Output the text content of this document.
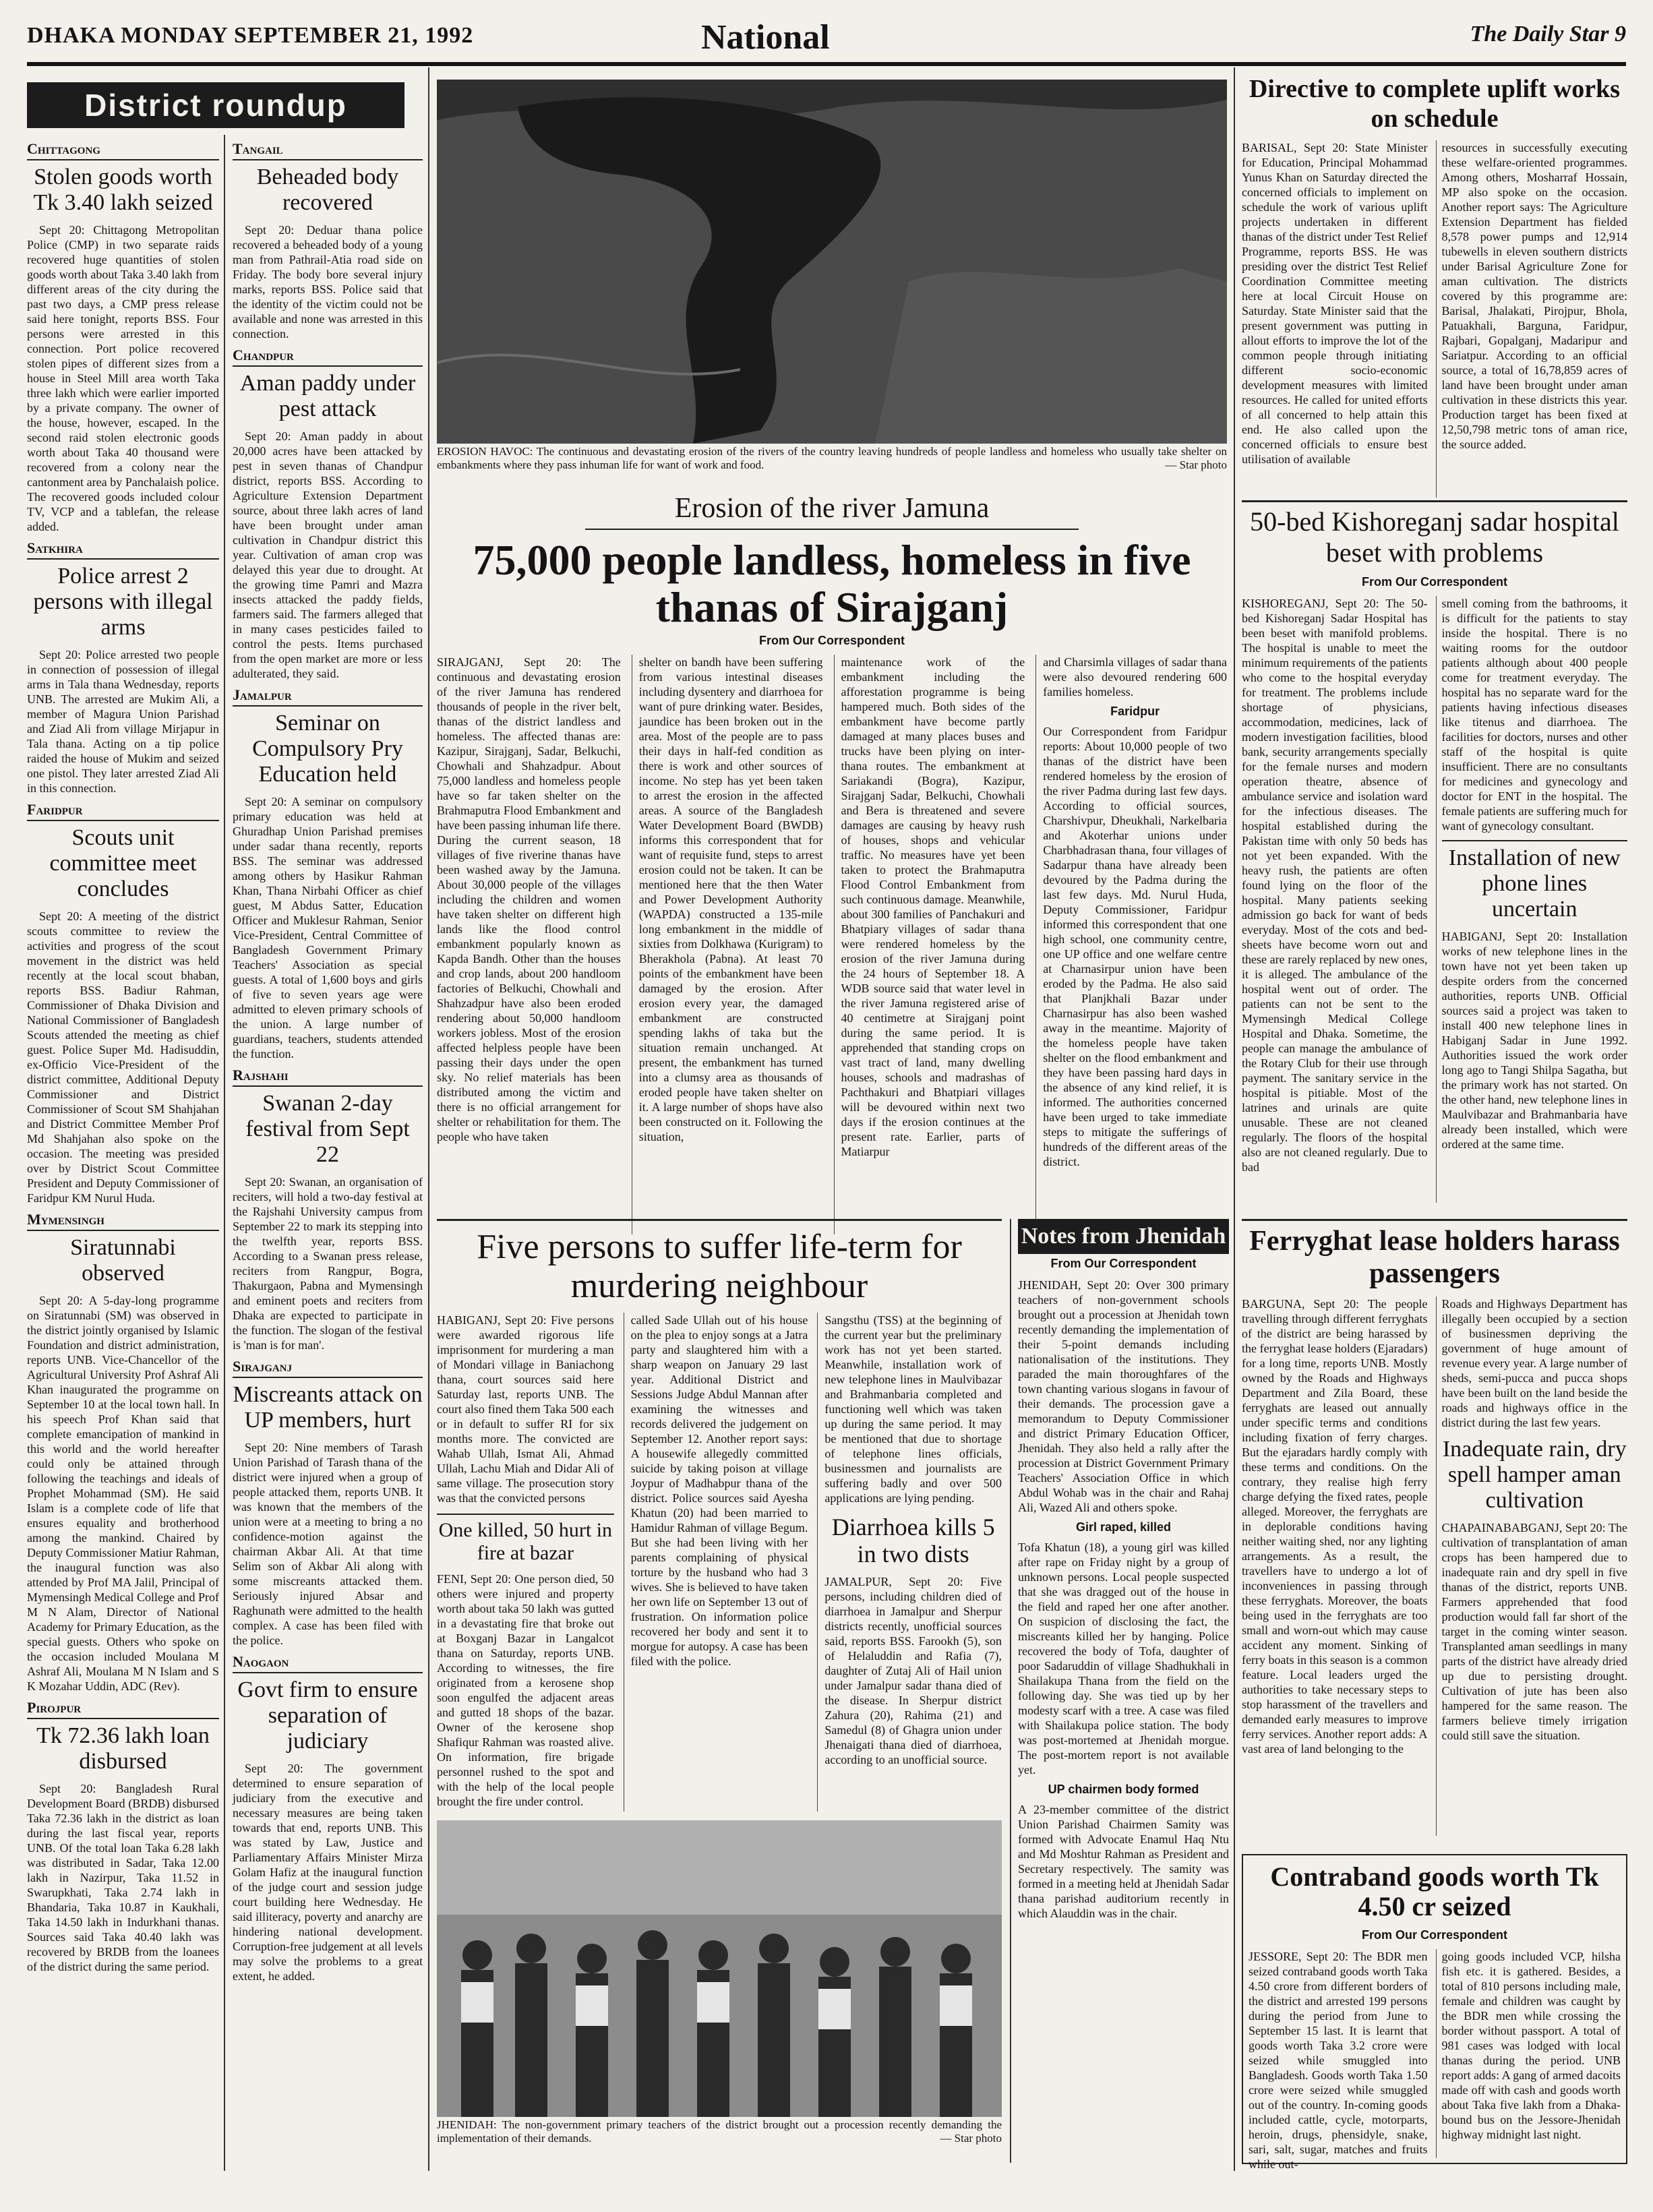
DHAKA MONDAY SEPTEMBER 21, 1992	National	The Daily Star 9
District roundup
Chittagong
Stolen goods worth Tk 3.40 lakh seized

Sept 20: Chittagong Metropolitan Police (CMP) in two separate raids recovered huge quantities of stolen goods worth about Taka 3.40 lakh from different areas of the city during the past two days, a CMP press release said here tonight, reports BSS. Four persons were arrested in this connection. Port police recovered stolen pipes of different sizes from a house in Steel Mill area worth Taka three lakh which were earlier imported by a private company. The owner of the house, however, escaped. In the second raid stolen electronic goods worth about Taka 40 thousand were recovered from a colony near the cantonment area by Panchalaish police. The recovered goods included colour TV, VCP and a tablefan, the release added.

Satkhira
Police arrest 2 persons with illegal arms

Sept 20: Police arrested two people in connection of possession of illegal arms in Tala thana Wednesday, reports UNB. The arrested are Mukim Ali, a member of Magura Union Parishad and Ziad Ali from village Mirjapur in Tala thana. Acting on a tip police raided the house of Mukim and seized one pistol. They later arrested Ziad Ali in this connection.

Faridpur
Scouts unit committee meet concludes

Sept 20: A meeting of the district scouts committee to review the activities and progress of the scout movement in the district was held recently at the local scout bhaban, reports BSS. Badiur Rahman, Commissioner of Dhaka Division and National Commissioner of Bangladesh Scouts attended the meeting as chief guest. Police Super Md. Hadisuddin, ex-Officio Vice-President of the district committee, Additional Deputy Commissioner and District Commissioner of Scout SM Shahjahan and District Committee Member Prof Md Shahjahan also spoke on the occasion. The meeting was presided over by District Scout Committee President and Deputy Commissioner of Faridpur KM Nurul Huda.

Mymensingh
Siratunnabi observed

Sept 20: A 5-day-long programme on Siratunnabi (SM) was observed in the district jointly organised by Islamic Foundation and district administration, reports UNB. Vice-Chancellor of the Agricultural University Prof Ashraf Ali Khan inaugurated the programme on September 10 at the local town hall. In his speech Prof Khan said that complete emancipation of mankind in this world and the world hereafter could only be attained through following the teachings and ideals of Prophet Mohammad (SM). He said Islam is a complete code of life that ensures equality and brotherhood among the mankind. Chaired by Deputy Commissioner Matiur Rahman, the inaugural function was also attended by Prof MA Jalil, Principal of Mymensingh Medical College and Prof M N Alam, Director of National Academy for Primary Education, as the special guests. Others who spoke on the occasion included Moulana M Ashraf Ali, Moulana M N Islam and S K Mozahar Uddin, ADC (Rev).

Pirojpur
Tk 72.36 lakh loan disbursed

Sept 20: Bangladesh Rural Development Board (BRDB) disbursed Taka 72.36 lakh in the district as loan during the last fiscal year, reports UNB. Of the total loan Taka 6.28 lakh was distributed in Sadar, Taka 12.00 lakh in Nazirpur, Taka 11.52 in Swarupkhati, Taka 2.74 lakh in Bhandaria, Taka 10.87 in Kaukhali, Taka 14.50 lakh in Indurkhani thanas. Sources said Taka 40.40 lakh was recovered by BRDB from the loanees of the district during the same period.

Tangail
Beheaded body recovered

Sept 20: Deduar thana police recovered a beheaded body of a young man from Pathrail-Atia road side on Friday. The body bore several injury marks, reports BSS. Police said that the identity of the victim could not be available and none was arrested in this connection.

Chandpur
Aman paddy under pest attack

Sept 20: Aman paddy in about 20,000 acres have been attacked by pest in seven thanas of Chandpur district, reports BSS. According to Agriculture Extension Department source, about three lakh acres of land have been brought under aman cultivation in Chandpur district this year. Cultivation of aman crop was delayed this year due to drought. At the growing time Pamri and Mazra insects attacked the paddy fields, farmers said. The farmers alleged that in many cases pesticides failed to control the pests. Items purchased from the open market are more or less adulterated, they said.

Jamalpur
Seminar on Compulsory Pry Education held

Sept 20: A seminar on compulsory primary education was held at Ghuradhap Union Parishad premises under sadar thana recently, reports BSS. The seminar was addressed among others by Hasikur Rahman Khan, Thana Nirbahi Officer as chief guest, M Abdus Satter, Education Officer and Muklesur Rahman, Senior Vice-President, Central Committee of Bangladesh Government Primary Teachers' Association as special guests. A total of 1,600 boys and girls of five to seven years age were admitted to eleven primary schools of the union. A large number of guardians, teachers, students attended the function.

Rajshahi
Swanan 2-day festival from Sept 22

Sept 20: Swanan, an organisation of reciters, will hold a two-day festival at the Rajshahi University campus from September 22 to mark its stepping into the twelfth year, reports BSS. According to a Swanan press release, reciters from Rangpur, Bogra, Thakurgaon, Pabna and Mymensingh and eminent poets and reciters from Dhaka are expected to participate in the function. The slogan of the festival is 'man is for man'.

Sirajganj
Miscreants attack on UP members, hurt

Sept 20: Nine members of Tarash Union Parishad of Tarash thana of the district were injured when a group of people attacked them, reports UNB. It was known that the members of the union were at a meeting to bring a no confidence-motion against the chairman Akbar Ali. At that time Selim son of Akbar Ali along with some miscreants attacked them. Seriously injured Absar and Raghunath were admitted to the health complex. A case has been filed with the police.

Naogaon
Govt firm to ensure separation of judiciary

Sept 20: The government determined to ensure separation of judiciary from the executive and necessary measures are being taken towards that end, reports UNB. This was stated by Law, Justice and Parliamentary Affairs Minister Mirza Golam Hafiz at the inaugural function of the judge court and session judge court building here Wednesday. He said illiteracy, poverty and anarchy are hindering national development. Corruption-free judgement at all levels may solve the problems to a great extent, he added.

EROSION HAVOC: The continuous and devastating erosion of the rivers of the country leaving hundreds of people landless and homeless who usually take shelter on embankments where they pass inhuman life for want of work and food.	— Star photo
Erosion of the river Jamuna
75,000 people landless, homeless in five thanas of Sirajganj
From Our Correspondent
SIRAJGANJ, Sept 20: The continuous and devastating erosion of the river Jamuna has rendered thousands of people in the river belt, thanas of the district landless and homeless. The affected thanas are: Kazipur, Sirajganj, Sadar, Belkuchi, Chowhali and Shahzadpur. About 75,000 landless and homeless people have so far taken shelter on the Brahmaputra Flood Embankment and have been passing inhuman life there. During the current season, 18 villages of five riverine thanas have been washed away by the Jamuna. About 30,000 people of the villages including the children and women have taken shelter on different high lands like the flood control embankment popularly known as Kapda Bandh. Other than the houses and crop lands, about 200 handloom factories of Belkuchi, Chowhali and Shahzadpur have also been eroded rendering about 50,000 handloom workers jobless. Most of the erosion affected helpless people have been passing their days under the open sky. No relief materials has been distributed among the victim and there is no official arrangement for shelter or rehabilitation for them. The people who have taken
shelter on bandh have been suffering from various intestinal diseases including dysentery and diarrhoea for want of pure drinking water. Besides, jaundice has been broken out in the area. Most of the people are to pass their days in half-fed condition as there is work and other sources of income. No step has yet been taken to arrest the erosion in the affected areas. A source of the Bangladesh Water Development Board (BWDB) informs this correspondent that for want of requisite fund, steps to arrest erosion could not be taken. It can be mentioned here that the then Water and Power Development Authority (WAPDA) constructed a 135-mile long embankment in the middle of sixties from Dolkhawa (Kurigram) to Bherakhola (Pabna). At least 70 points of the embankment have been damaged by the erosion. After erosion every year, the damaged embankment are constructed spending lakhs of taka but the situation remain unchanged. At present, the embankment has turned into a clumsy area as thousands of eroded people have taken shelter on it. A large number of shops have also been constructed on it. Following the situation,
maintenance work of the embankment including the afforestation programme is being hampered much. Both sides of the embankment have become partly damaged at many places buses and trucks have been plying on inter-thana routes. The embankment at Sariakandi (Bogra), Kazipur, Sirajganj Sadar, Belkuchi, Chowhali and Bera is threatened and severe damages are causing by heavy rush of houses, shops and vehicular traffic. No measures have yet been taken to protect the Brahmaputra Flood Control Embankment from such continuous damage. Meanwhile, about 300 families of Panchakuri and Bhatpiary villages of sadar thana were rendered homeless by the erosion of the river Jamuna during the 24 hours of September 18. A WDB source said that water level in the river Jamuna registered arise of 40 centimetre at Sirajganj point during the same period. It is apprehended that standing crops on vast tract of land, many dwelling houses, schools and madrashas of Pachthakuri and Bhatpiari villages will be devoured within next two days if the erosion continues at the present rate. Earlier, parts of Matiarpur
and Charsimla villages of sadar thana were also devoured rendering 600 families homeless.
Faridpur
Our Correspondent from Faridpur reports: About 10,000 people of two thanas of the district have been rendered homeless by the erosion of the river Padma during last few days. According to official sources, Charshivpur, Dheukhali, Narkelbaria and Akoterhar unions under Charbhadrasan thana, four villages of Sadarpur thana have already been devoured by the Padma during the last few days. Md. Nurul Huda, Deputy Commissioner, Faridpur informed this correspondent that one high school, one community centre, one UP office and one welfare centre at Charnasirpur union have been eroded by the Padma. He also said that Planjkhali Bazar under Charnasirpur has also been washed away in the meantime. Majority of the homeless people have taken shelter on the flood embankment and they have been passing hard days in the absence of any kind relief, it is informed. The authorities concerned have been urged to take immediate steps to mitigate the sufferings of hundreds of the different areas of the district.
Five persons to suffer life-term for murdering neighbour
HABIGANJ, Sept 20: Five persons were awarded rigorous life imprisonment for murdering a man of Mondari village in Baniachong thana, court sources said here Saturday last, reports UNB. The court also fined them Taka 500 each or in default to suffer RI for six months more. The convicted are Wahab Ullah, Ismat Ali, Ahmad Ullah, Lachu Miah and Didar Ali of same village. The prosecution story was that the convicted persons
One killed, 50 hurt in fire at bazar
FENI, Sept 20: One person died, 50 others were injured and property worth about taka 50 lakh was gutted in a devastating fire that broke out at Boxganj Bazar in Langalcot thana on Saturday, reports UNB. According to witnesses, the fire originated from a kerosene shop soon engulfed the adjacent areas and gutted 18 shops of the bazar. Owner of the kerosene shop Shafiqur Rahman was roasted alive. On information, fire brigade personnel rushed to the spot and with the help of the local people brought the fire under control.
called Sade Ullah out of his house on the plea to enjoy songs at a Jatra party and slaughtered him with a sharp weapon on January 29 last year. Additional District and Sessions Judge Abdul Mannan after examining the witnesses and records delivered the judgement on September 12. Another report says: A housewife allegedly committed suicide by taking poison at village Joypur of Madhabpur thana of the district. Police sources said Ayesha Khatun (20) had been married to Hamidur Rahman of village Begum. But she had been living with her parents complaining of physical torture by the husband who had 3 wives. She is believed to have taken her own life on September 13 out of frustration. On information police recovered her body and sent it to morgue for autopsy. A case has been filed with the police.
Sangsthu (TSS) at the beginning of the current year but the preliminary work has not yet been started. Meanwhile, installation work of new telephone lines in Maulvibazar and Brahmanbaria completed and functioning well which was taken up during the same period. It may be mentioned that due to shortage of telephone lines officials, businessmen and journalists are suffering badly and over 500 applications are lying pending.
Diarrhoea kills 5 in two dists
JAMALPUR, Sept 20: Five persons, including children died of diarrhoea in Jamalpur and Sherpur districts recently, unofficial sources said, reports BSS. Farookh (5), son of Helaluddin and Rafia (7), daughter of Zutaj Ali of Hail union under Jamalpur sadar thana died of the disease. In Sherpur district Zahura (20), Rahima (21) and Samedul (8) of Ghagra union under Jhenaigati thana died of diarrhoea, according to an unofficial source.
JHENIDAH: The non-government primary teachers of the district brought out a procession recently demanding the implementation of their demands.	— Star photo
Notes from Jhenidah
From Our Correspondent
JHENIDAH, Sept 20: Over 300 primary teachers of non-government schools brought out a procession at Jhenidah town recently demanding the implementation of their 5-point demands including nationalisation of the institutions. They paraded the main thoroughfares of the town chanting various slogans in favour of their demands. The procession gave a memorandum to Deputy Commissioner and district Primary Education Officer, Jhenidah. They also held a rally after the procession at District Government Primary Teachers' Association Office in which Abdul Wohab was in the chair and Rahaj Ali, Wazed Ali and others spoke.
Girl raped, killed
Tofa Khatun (18), a young girl was killed after rape on Friday night by a group of unknown persons. Local people suspected that she was dragged out of the house in the field and raped her one after another. On suspicion of disclosing the fact, the miscreants killed her by hanging. Police recovered the body of Tofa, daughter of poor Sadaruddin of village Shadhukhali in Shailakupa Thana from the field on the following day. She was tied up by her modesty scarf with a tree. A case was filed with Shailakupa police station. The body was post-mortemed at Jhenidah morgue. The post-mortem report is not available yet.
UP chairmen body formed
A 23-member committee of the district Union Parishad Chairmen Samity was formed with Advocate Enamul Haq Ntu and Md Moshtur Rahman as President and Secretary respectively. The samity was formed in a meeting held at Jhenidah Sadar thana parishad auditorium recently in which Alauddin was in the chair.
Directive to complete uplift works on schedule
BARISAL, Sept 20: State Minister for Education, Principal Mohammad Yunus Khan on Saturday directed the concerned officials to implement on schedule the work of various uplift projects undertaken in different thanas of the district under Test Relief Programme, reports BSS. He was presiding over the district Test Relief Coordination Committee meeting here at local Circuit House on Saturday. State Minister said that the present government was putting in allout efforts to improve the lot of the common people through initiating different socio-economic development measures with limited resources. He called for united efforts of all concerned to help attain this end. He also called upon the concerned officials to ensure best utilisation of available
resources in successfully executing these welfare-oriented programmes. Among others, Mosharraf Hossain, MP also spoke on the occasion. Another report says: The Agriculture Extension Department has fielded 8,578 power pumps and 12,914 tubewells in eleven southern districts under Barisal Agriculture Zone for aman cultivation. The districts covered by this programme are: Barisal, Jhalakati, Pirojpur, Bhola, Patuakhali, Barguna, Faridpur, Rajbari, Gopalganj, Madaripur and Sariatpur. According to an official source, a total of 16,78,859 acres of land have been brought under aman cultivation in these districts this year. Production target has been fixed at 12,50,798 metric tons of aman rice, the source added.
50-bed Kishoreganj sadar hospital beset with problems
From Our Correspondent
KISHOREGANJ, Sept 20: The 50-bed Kishoreganj Sadar Hospital has been beset with manifold problems. The hospital is unable to meet the minimum requirements of the patients who come to the hospital everyday for treatment. The problems include shortage of physicians, accommodation, medicines, lack of modern investigation facilities, blood bank, security arrangements specially for the female nurses and modern operation theatre, absence of ambulance service and isolation ward for the infectious diseases. The hospital established during the Pakistan time with only 50 beds has not yet been expanded. With the heavy rush, the patients are often found lying on the floor of the hospital. Many patients seeking admission go back for want of beds everyday. Most of the cots and bed-sheets have become worn out and these are rarely replaced by new ones, it is alleged. The ambulance of the hospital went out of order. The patients can not be sent to the Mymensingh Medical College Hospital and Dhaka. Sometime, the people can manage the ambulance of the Rotary Club for their use through payment. The sanitary service in the hospital is pitiable. Most of the latrines and urinals are quite unusable. These are not cleaned regularly. The floors of the hospital also are not cleaned regularly. Due to bad
smell coming from the bathrooms, it is difficult for the patients to stay inside the hospital. There is no waiting rooms for the outdoor patients although about 400 people come for treatment everyday. The hospital has no separate ward for the patients having infectious diseases like titenus and diarrhoea. The facilities for doctors, nurses and other staff of the hospital is quite insufficient. There are no consultants for medicines and gynecology and doctor for ENT in the hospital. The female patients are suffering much for want of gynecology consultant.
Installation of new phone lines uncertain
HABIGANJ, Sept 20: Installation works of new telephone lines in the town have not yet been taken up despite orders from the concerned authorities, reports UNB. Official sources said a project was taken to install 400 new telephone lines in Habiganj Sadar in June 1992. Authorities issued the work order long ago to Tangi Shilpa Sagatha, but the primary work has not started. On the other hand, new telephone lines in Maulvibazar and Brahmanbaria have already been installed, which were ordered at the same time.
Ferryghat lease holders harass passengers
BARGUNA, Sept 20: The people travelling through different ferryghats of the district are being harassed by the ferryghat lease holders (Ejaradars) for a long time, reports UNB. Mostly owned by the Roads and Highways Department and Zila Board, these ferryghats are leased out annually under specific terms and conditions including fixation of ferry charges. But the ejaradars hardly comply with these terms and conditions. On the contrary, they realise high ferry charge defying the fixed rates, people alleged. Moreover, the ferryghats are in deplorable conditions having neither waiting shed, nor any lighting arrangements. As a result, the travellers have to undergo a lot of inconveniences in passing through these ferryghats. Moreover, the boats being used in the ferryghats are too small and worn-out which may cause accident any moment. Sinking of ferry boats in this season is a common feature. Local leaders urged the authorities to take necessary steps to stop harassment of the travellers and demanded early measures to improve ferry services. Another report adds: A vast area of land belonging to the
Roads and Highways Department has illegally been occupied by a section of businessmen depriving the government of huge amount of revenue every year. A large number of sheds, semi-pucca and pucca shops have been built on the land beside the roads and highways office in the district during the last few years.
Inadequate rain, dry spell hamper aman cultivation
CHAPAINABABGANJ, Sept 20: The cultivation of transplantation of aman crops has been hampered due to inadequate rain and dry spell in five thanas of the district, reports UNB. Farmers apprehended that food production would fall far short of the target in the coming winter season. Transplanted aman seedlings in many parts of the district have already dried up due to persisting drought. Cultivation of jute has been also hampered for the same reason. The farmers believe timely irrigation could still save the situation.
Contraband goods worth Tk 4.50 cr seized
From Our Correspondent
JESSORE, Sept 20: The BDR men seized contraband goods worth Taka 4.50 crore from different borders of the district and arrested 199 persons during the period from June to September 15 last. It is learnt that goods worth Taka 3.2 crore were seized while smuggled into Bangladesh. Goods worth Taka 1.50 crore were seized while smuggled out of the country. In-coming goods included cattle, cycle, motorparts, heroin, drugs, phensidyle, snake, sari, salt, sugar, matches and fruits while out-
going goods included VCP, hilsha fish etc. it is gathered. Besides, a total of 810 persons including male, female and children was caught by the BDR men while crossing the border without passport. A total of 981 cases was lodged with local thanas during the period. UNB report adds: A gang of armed dacoits made off with cash and goods worth about Taka five lakh from a Dhaka-bound bus on the Jessore-Jhenidah highway midnight last night.
